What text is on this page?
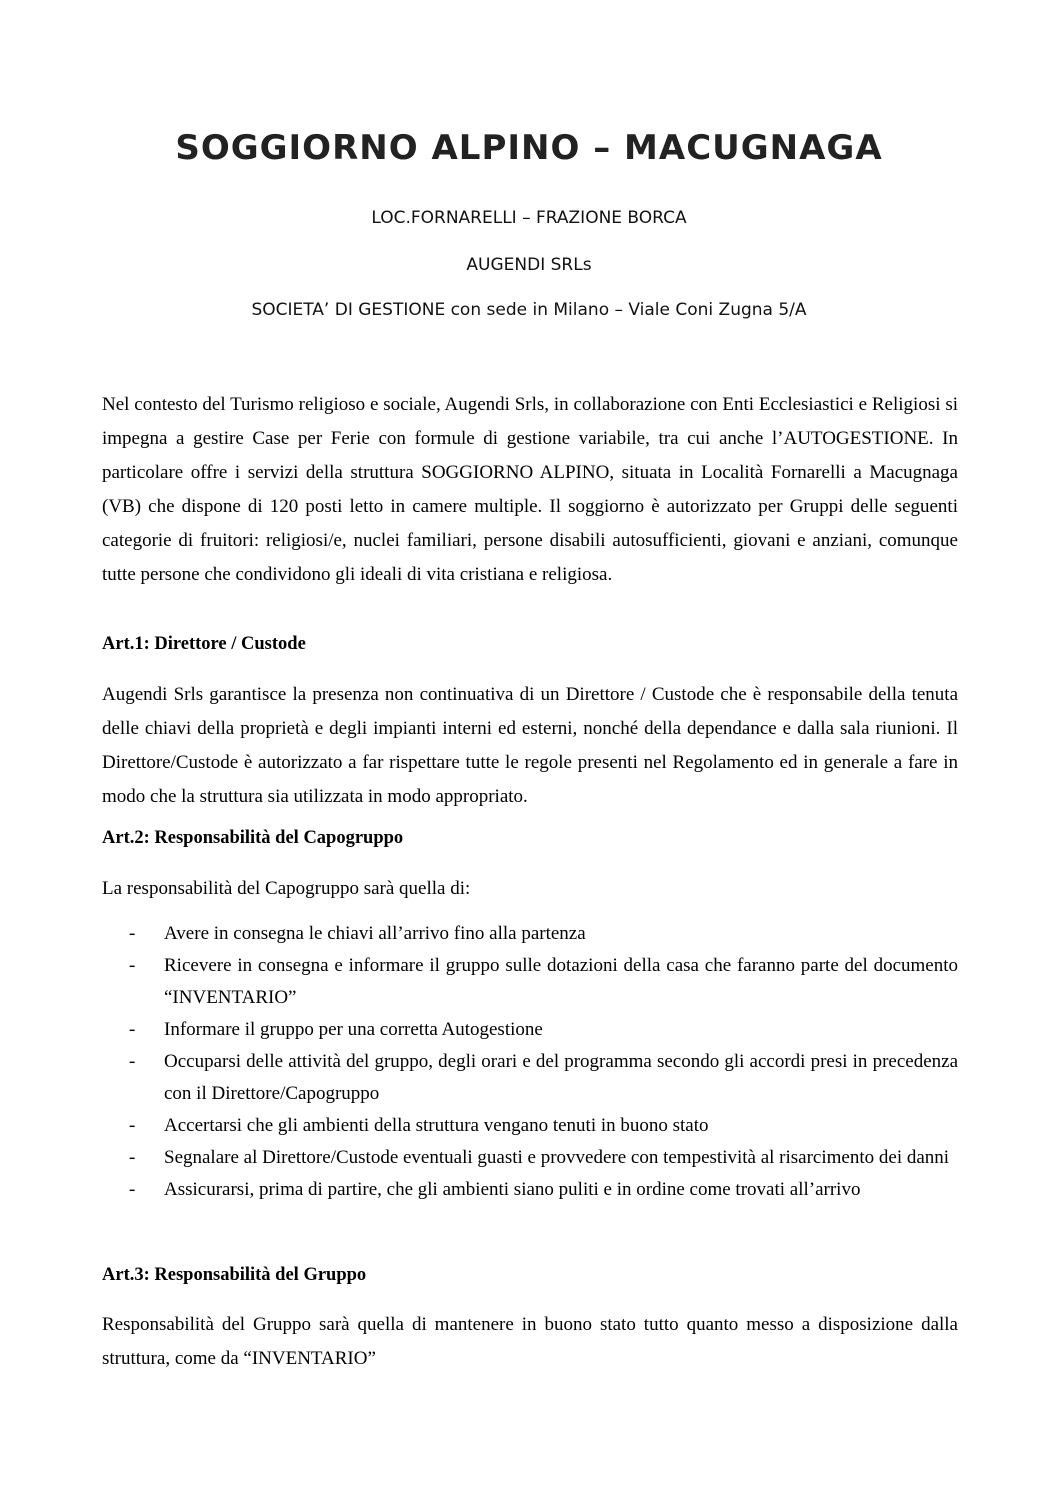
SOGGIORNO ALPINO – MACUGNAGA
LOC.FORNARELLI – FRAZIONE BORCA
AUGENDI SRLs
SOCIETA’ DI GESTIONE con sede in Milano – Viale Coni Zugna 5/A
Nel contesto del Turismo religioso e sociale, Augendi Srls, in collaborazione con Enti Ecclesiastici e Religiosi si impegna a gestire Case per Ferie con formule di gestione variabile, tra cui anche l’AUTOGESTIONE. In particolare offre i servizi della struttura SOGGIORNO ALPINO, situata in Località Fornarelli a Macugnaga (VB) che dispone di 120 posti letto in camere multiple. Il soggiorno è autorizzato per Gruppi delle seguenti categorie di fruitori: religiosi/e, nuclei familiari, persone disabili autosufficienti, giovani e anziani, comunque tutte persone che condividono gli ideali di vita cristiana e religiosa.
Art.1: Direttore / Custode
Augendi Srls garantisce la presenza non continuativa di un Direttore / Custode che è responsabile della tenuta delle chiavi della proprietà e degli impianti interni ed esterni, nonché della dependance e dalla sala riunioni. Il Direttore/Custode è autorizzato a far rispettare tutte le regole presenti nel Regolamento ed in generale a fare in modo che la struttura sia utilizzata in modo appropriato.
Art.2: Responsabilità del Capogruppo
La responsabilità del Capogruppo sarà quella di:
-	Avere in consegna le chiavi all’arrivo fino alla partenza
-	Ricevere in consegna e informare il gruppo sulle dotazioni della casa che faranno parte del documento “INVENTARIO”
-	Informare il gruppo per una corretta Autogestione
-	Occuparsi delle attività del gruppo, degli orari e del programma secondo gli accordi presi in precedenza con il Direttore/Capogruppo
-	Accertarsi che gli ambienti della struttura vengano tenuti in buono stato
-	Segnalare al Direttore/Custode eventuali guasti e provvedere con tempestività al risarcimento dei danni
-	Assicurarsi, prima di partire, che gli ambienti siano puliti e in ordine come trovati all’arrivo
Art.3: Responsabilità del Gruppo
Responsabilità del Gruppo sarà quella di mantenere in buono stato tutto quanto messo a disposizione dalla struttura, come da “INVENTARIO”
